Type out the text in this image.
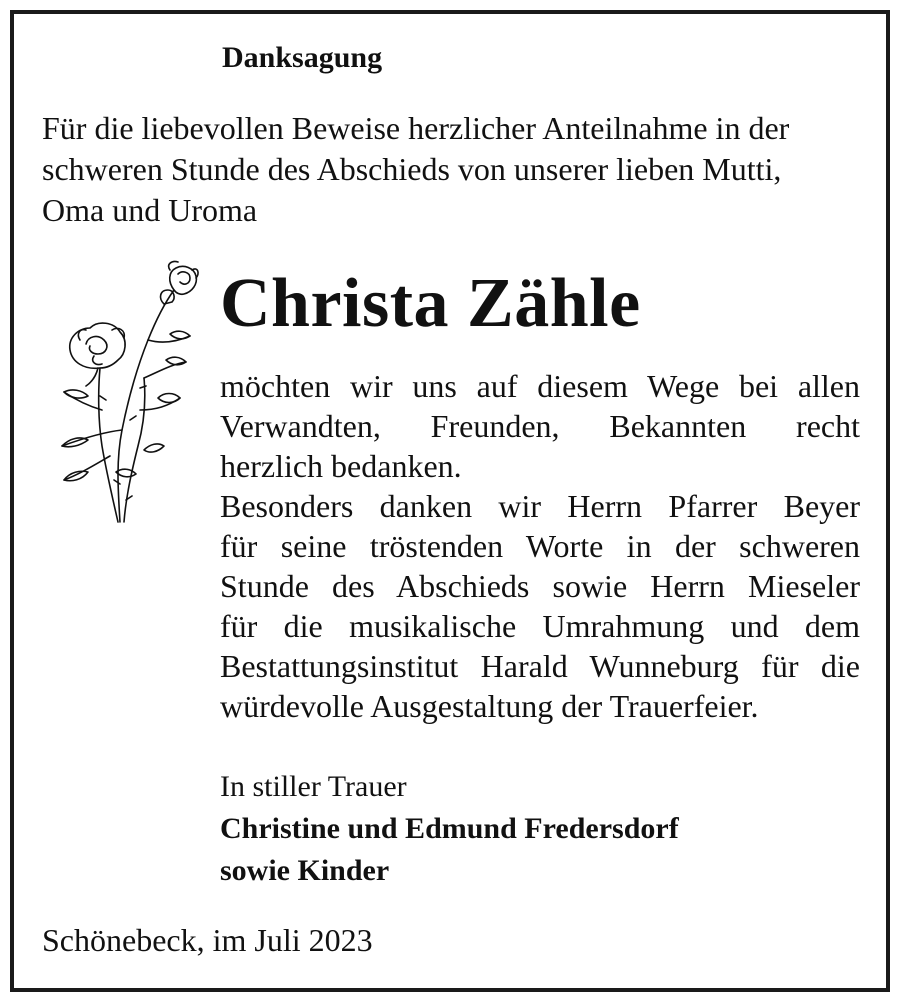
Danksagung
Für die liebevollen Beweise herzlicher Anteilnahme in der
schweren Stunde des Abschieds von unserer lieben Mutti,
Oma und Uroma
Christa Zähle
möchten wir uns auf diesem Wege bei allen
Verwandten, Freunden, Bekannten recht
herzlich bedanken.
Besonders danken wir Herrn Pfarrer Beyer
für seine tröstenden Worte in der schweren
Stunde des Abschieds sowie Herrn Mieseler
für die musikalische Umrahmung und dem
Bestattungsinstitut Harald Wunneburg für die
würdevolle Ausgestaltung der Trauerfeier.
In stiller Trauer
Christine und Edmund Fredersdorf
sowie Kinder
Schönebeck, im Juli 2023
